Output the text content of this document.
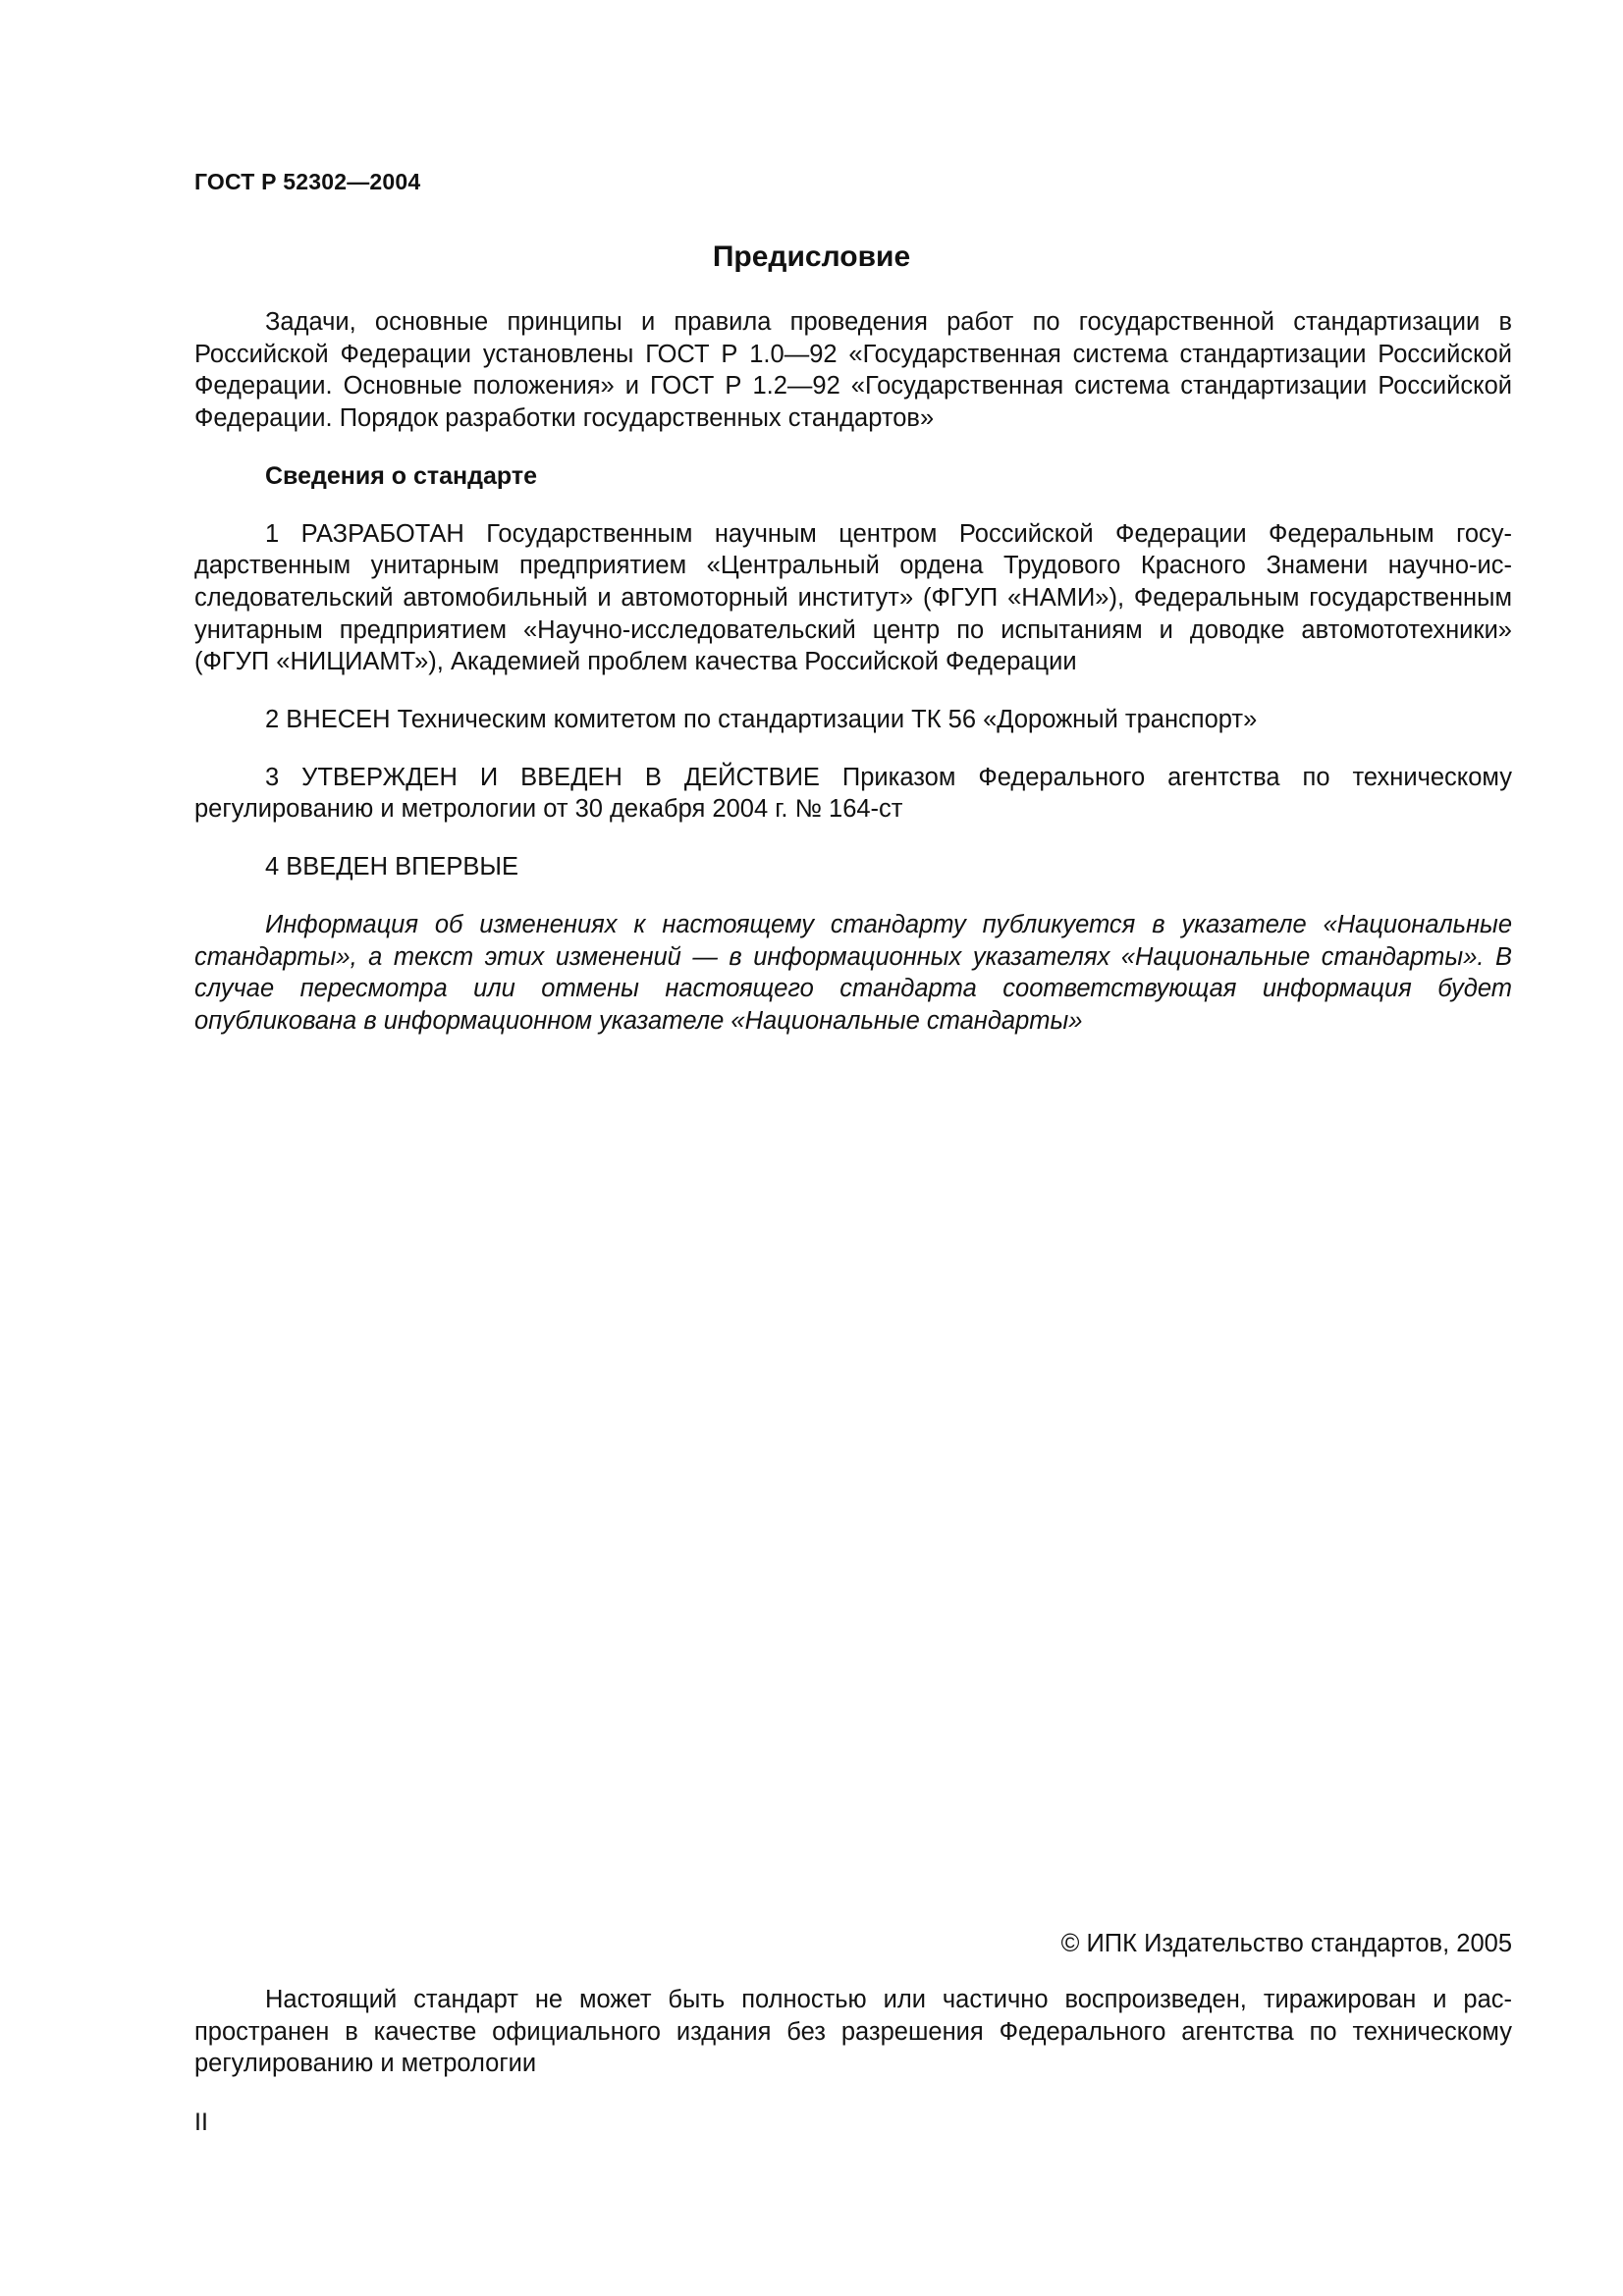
ГОСТ Р 52302—2004
Предисловие

Задачи, основные принципы и правила проведения работ по государственной стандартизации в Российской Федерации установлены ГОСТ Р 1.0—92 «Государственная система стандартизации Российской Федерации. Основные положения» и ГОСТ Р 1.2—92 «Государственная система стандартизации Российской Федерации. Порядок разработки государственных стандартов»

Сведения о стандарте

1 РАЗРАБОТАН Государственным научным центром Российской Федерации Федеральным государственным унитарным предприятием «Центральный ордена Трудового Красного Знамени научно-исследовательский автомобильный и автомоторный институт» (ФГУП «НАМИ»), Федеральным государственным унитарным предприятием «Научно-исследовательский центр по испытаниям и доводке автомототехники» (ФГУП «НИЦИАМТ»), Академией проблем качества Российской Федерации

2 ВНЕСЕН Техническим комитетом по стандартизации ТК 56 «Дорожный транспорт»

3 УТВЕРЖДЕН И ВВЕДЕН В ДЕЙСТВИЕ Приказом Федерального агентства по техническому регулированию и метрологии от 30 декабря 2004 г. № 164-ст

4 ВВЕДЕН ВПЕРВЫЕ

Информация об изменениях к настоящему стандарту публикуется в указателе «Национальные стандарты», а текст этих изменений — в информационных указателях «Национальные стандарты». В случае пересмотра или отмены настоящего стандарта соответствующая информация будет опубликована в информационном указателе «Национальные стандарты»

© ИПК Издательство стандартов, 2005
Настоящий стандарт не может быть полностью или частично воспроизведен, тиражирован и распространен в качестве официального издания без разрешения Федерального агентства по техническому регулированию и метрологии
II
